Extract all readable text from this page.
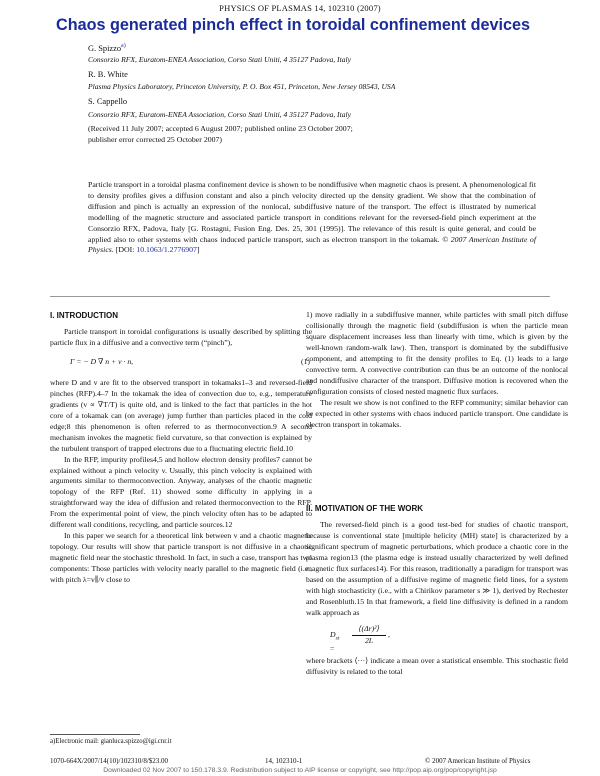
PHYSICS OF PLASMAS 14, 102310 (2007)
Chaos generated pinch effect in toroidal confinement devices
G. Spizzo$^{a)}$
Consorzio RFX, Euratom-ENEA Association, Corso Stati Uniti, 4 35127 Padova, Italy
R. B. White
Plasma Physics Laboratory, Princeton University, P. O. Box 451, Princeton, New Jersey 08543, USA
S. Cappello
Consorzio RFX, Euratom-ENEA Association, Corso Stati Uniti, 4 35127 Padova, Italy
(Received 11 July 2007; accepted 6 August 2007; published online 23 October 2007;
publisher error corrected 25 October 2007)
Particle transport in a toroidal plasma confinement device is shown to be nondiffusive when magnetic chaos is present. A phenomenological fit to density profiles gives a diffusion constant and also a pinch velocity directed up the density gradient. We show that the combination of diffusion and pinch is actually an expression of the nonlocal, subdiffusive nature of the transport. The effect is illustrated by numerical modelling of the magnetic structure and associated particle transport in conditions relevant for the reversed-field pinch experiment at the Consorzio RFX, Padova, Italy [G. Rostagni, Fusion Eng. Des. 25, 301 (1995)]. The relevance of this result is quite general, and could be applied also to other systems with chaos induced particle transport, such as electron transport in the tokamak. © 2007 American Institute of Physics. [DOI: 10.1063/1.2776907]
I. INTRODUCTION

Particle transport in toroidal configurations is usually described by splitting the particle flux in a diffusive and a convective term (“pinch”),

Γ = − D ∇ n + v · n,	(1)

where D and v are fit to the observed transport in tokamaks1–3 and reversed-field pinches (RFP).4–7 In the tokamak the idea of convection due to, e.g., temperature gradients (v ∝ ∇T/T) is quite old, and is linked to the fact that particles in the hot core of a tokamak can (on average) jump further than particles placed in the cold edge;8 this phenomenon is often referred to as thermoconvection.9 A second mechanism invokes the magnetic field curvature, so that convection is explained by the turbulent transport of trapped electrons due to a fluctuating electric field.10

In the RFP, impurity profiles4,5 and hollow electron density profiles7 cannot be explained without a pinch velocity v. Usually, this pinch velocity is explained with arguments similar to thermoconvection. Anyway, analyses of the chaotic magnetic topology of the RFP (Ref. 11) showed some difficulty in applying in a straightforward way the idea of diffusion and related thermoconvection to the RFP. From the experimental point of view, the pinch velocity often has to be adapted to different wall conditions, recycling, and particle sources.12

In this paper we search for a theoretical link between v and a chaotic magnetic topology. Our results will show that particle transport is not diffusive in a chaotic magnetic field near the stochastic threshold. In fact, in such a case, transport has two components: Those particles with velocity nearly parallel to the magnetic field (i.e., with pitch λ=v∥/v close to

1) move radially in a subdiffusive manner, while particles with small pitch diffuse collisionally through the magnetic field (subdiffusion is when the particle mean square displacement increases less than linearly with time, which is given by the well-known random-walk law). Then, transport is dominated by the subdiffusive component, and attempting to fit the density profiles to Eq. (1) leads to a large convective term. A convective contribution can thus be an outcome of the nonlocal and nondiffusive character of the transport. Diffusive motion is recovered when the configuration consists of closed nested magnetic flux surfaces.

The result we show is not confined to the RFP community; similar behavior can be expected in other systems with chaos induced particle transport. One candidate is electron transport in tokamaks.

II. MOTIVATION OF THE WORK

The reversed-field pinch is a good test-bed for studies of chaotic transport, because is conventional state [multiple helicity (MH) state] is characterized by a significant spectrum of magnetic perturbations, which produce a chaotic core in the plasma region13 (the plasma edge is instead usually characterized by well defined magnetic flux surfaces14). For this reason, traditionally a paradigm for transport was based on the assumption of a diffusive regime of magnetic field lines, for a system with high stochasticity (i.e., with a Chirikov parameter s ≫ 1), derived by Rechester and Rosenbluth.15 In that framework, a field line diffusivity is defined in a random walk approach as

$D_{st}$ =
⟨(Δr)²⟩
2L
,

where brackets ⟨···⟩ indicate a mean over a statistical ensemble. This stochastic field diffusivity is related to the total

a)Electronic mail: gianluca.spizzo@igi.cnr.it
1070-664X/2007/14(10)/102310/8/$23.00	14, 102310-1	© 2007 American Institute of Physics
Downloaded 02 Nov 2007 to 150.178.3.9. Redistribution subject to AIP license or copyright, see http://pop.aip.org/pop/copyright.jsp
